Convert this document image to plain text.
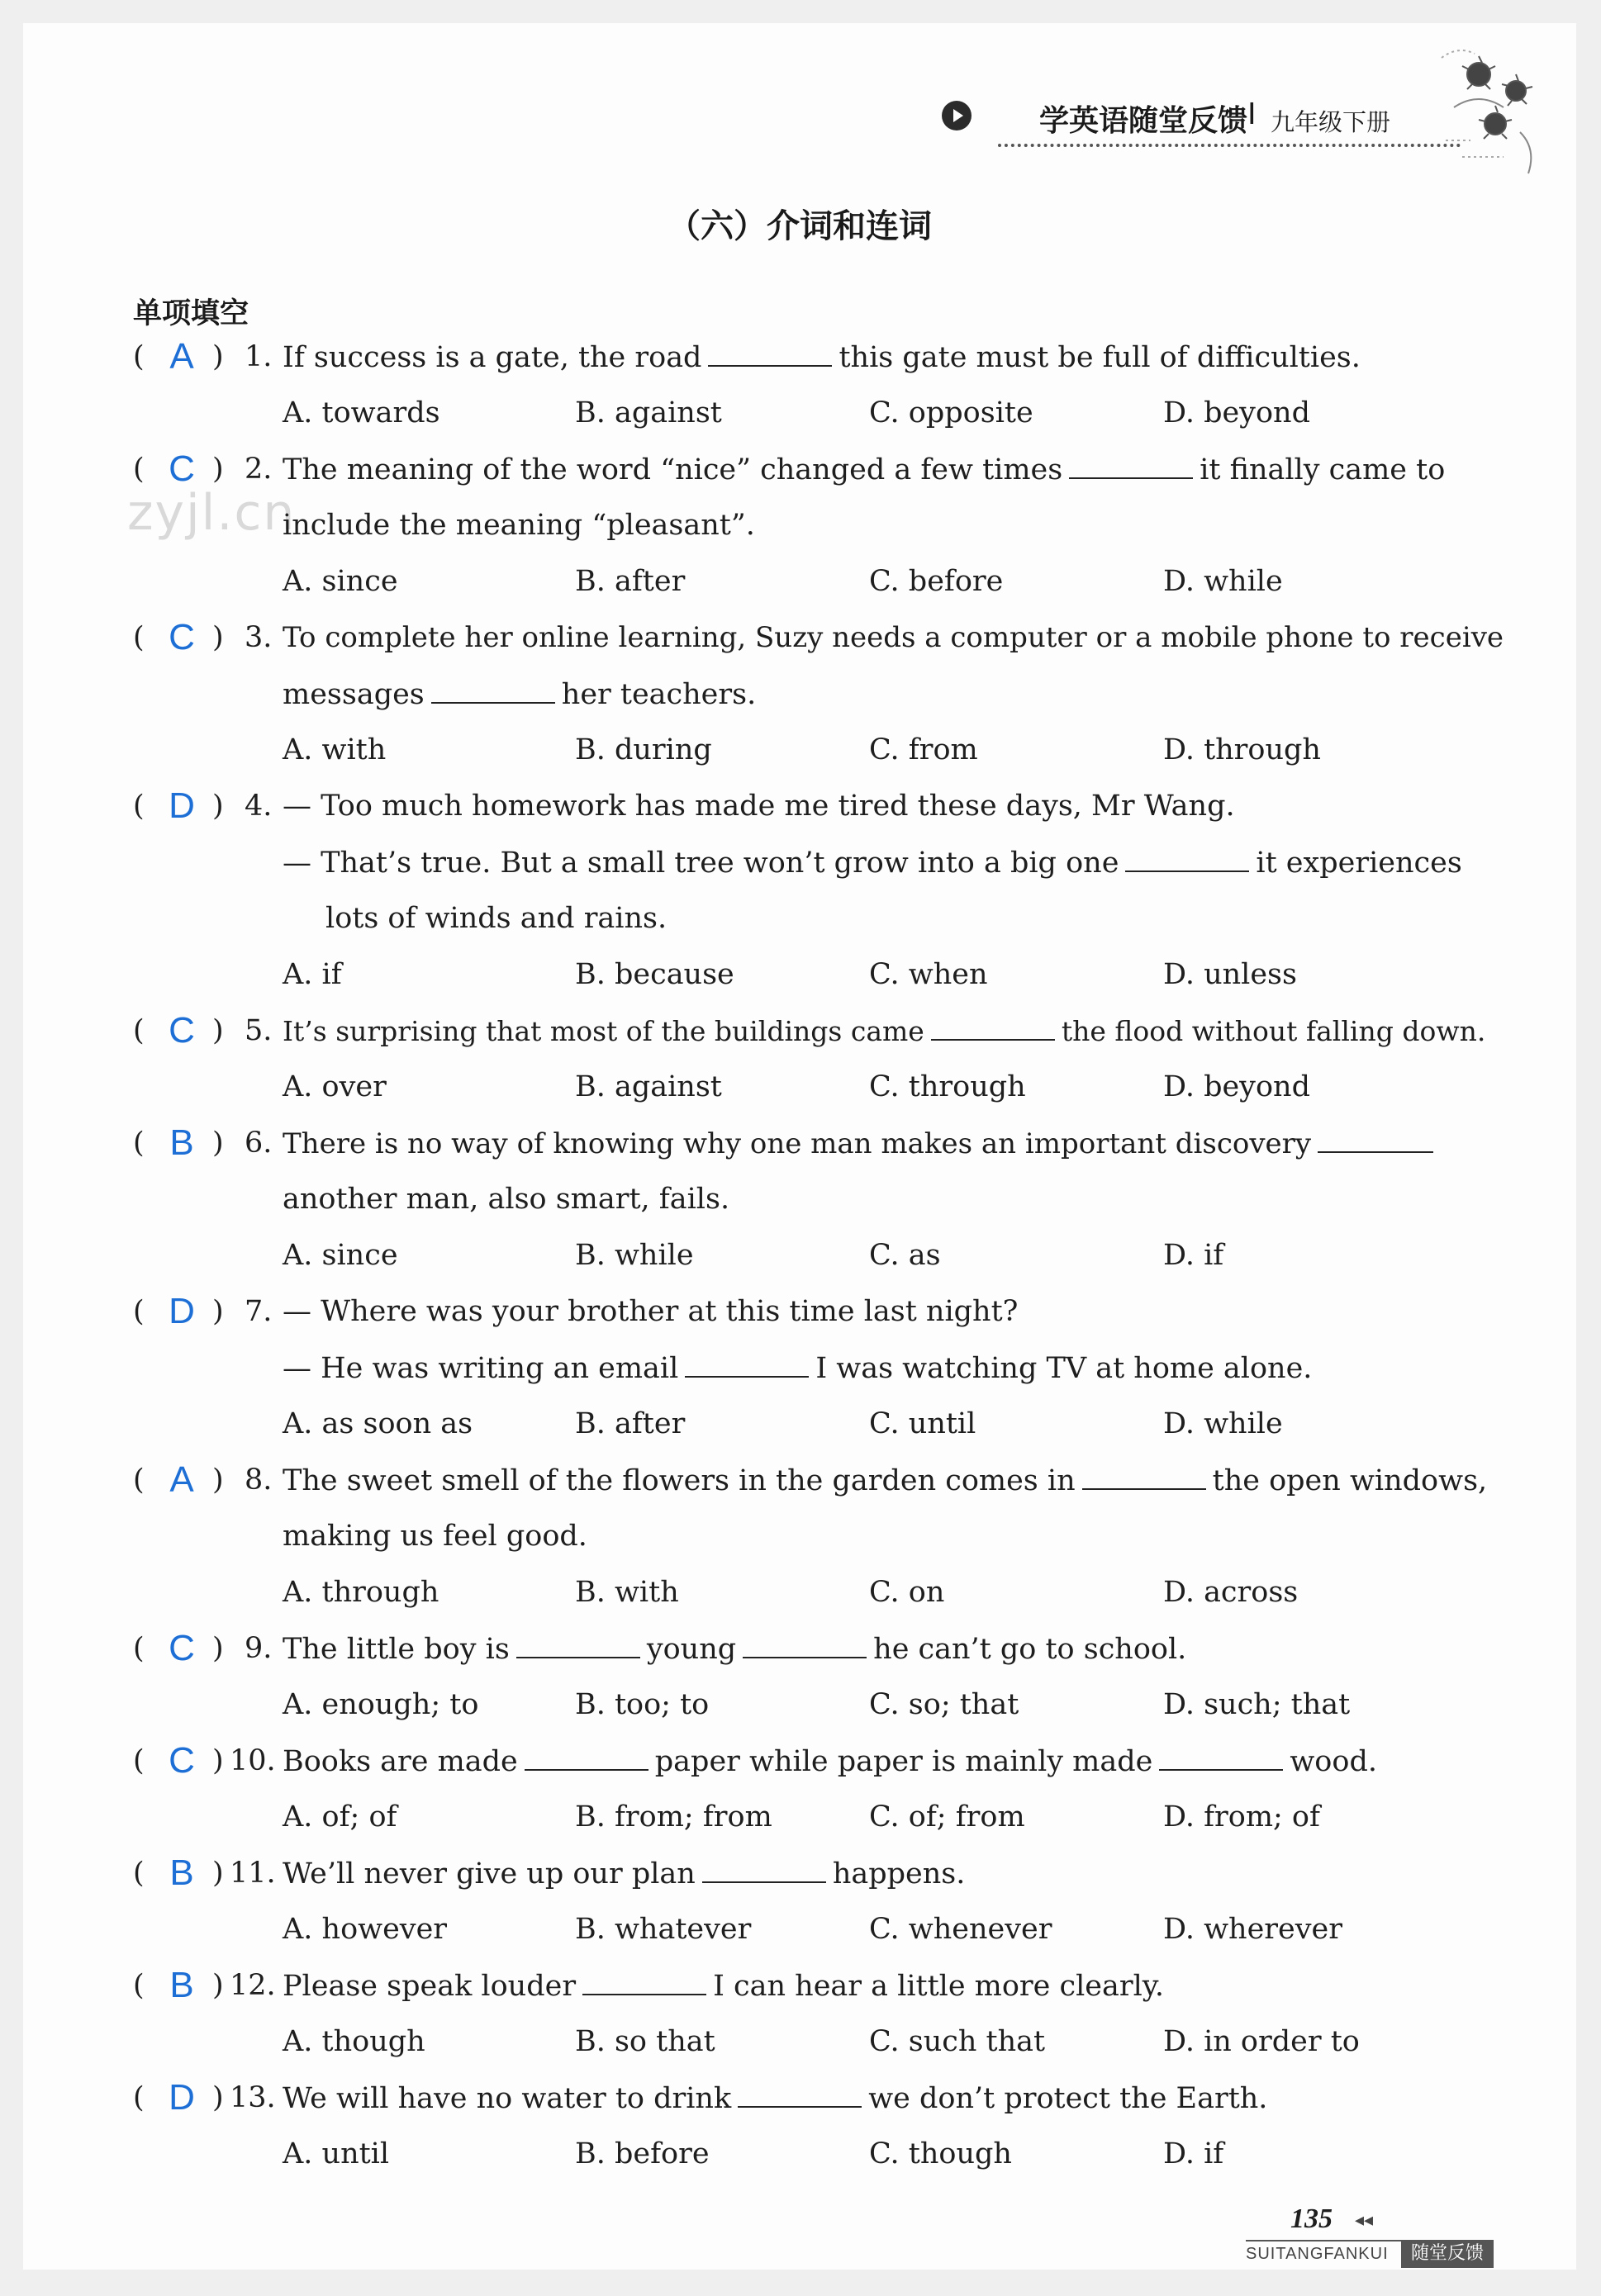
学英语随堂反馈 I 九年级下册
zyjl.cn
（六）介词和连词
单项填空
( )
A 1. If success is a gate, the road	this gate must be full of difficulties.
A. towards	B. against	C. opposite	D. beyond
( )
C 2. The meaning of the word “nice” changed a few times	it finally came to
include the meaning “pleasant”.
A. since	B. after	C. before	D. while
( )
C 3. To complete her online learning, Suzy needs a computer or a mobile phone to receive
messages	her teachers.
A. with	B. during	C. from	D. through
( )
D 4. — Too much homework has made me tired these days, Mr Wang.
— That’s true. But a small tree won’t grow into a big one	it experiences
lots of winds and rains.
A. if	B. because	C. when	D. unless
( )
C 5. It’s surprising that most of the buildings came	the flood without falling down.
A. over	B. against	C. through	D. beyond
( )
B 6. There is no way of knowing why one man makes an important discovery
another man, also smart, fails.
A. since	B. while	C. as	D. if
( )
D 7. — Where was your brother at this time last night?
— He was writing an email	I was watching TV at home alone.
A. as soon as	B. after	C. until	D. while
( )
A 8. The sweet smell of the flowers in the garden comes in	the open windows,
making us feel good.
A. through	B. with	C. on	D. across
( )
C 9. The little boy is	young	he can’t go to school.
A. enough; to	B. too; to	C. so; that	D. such; that
( )
C 10. Books are made	paper while paper is mainly made	wood.
A. of; of	B. from; from	C. of; from	D. from; of
( )
B 11. We’ll never give up our plan	happens.
A. however	B. whatever	C. whenever	D. wherever
( )
B 12. Please speak louder	I can hear a little more clearly.
A. though	B. so that	C. such that	D. in order to
( )
D 13. We will have no water to drink	we don’t protect the Earth.
A. until	B. before	C. though	D. if
135 ◂◂
SUITANGFANKUI	随堂反馈
